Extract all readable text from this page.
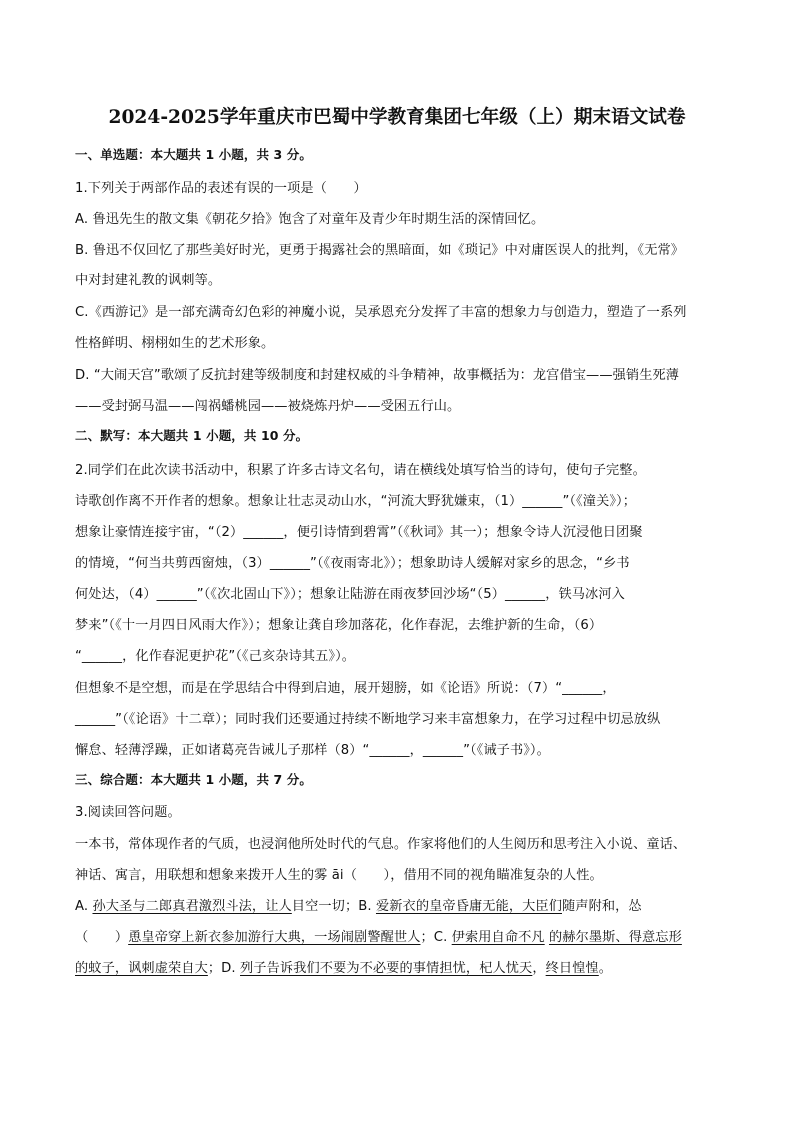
2024-2025学年重庆市巴蜀中学教育集团七年级（上）期末语文试卷
一、单选题：本大题共 1 小题，共 3 分。
1.下列关于两部作品的表述有误的一项是（　　）
A. 鲁迅先生的散文集《朝花夕拾》饱含了对童年及青少年时期生活的深情回忆。
B. 鲁迅不仅回忆了那些美好时光，更勇于揭露社会的黑暗面，如《琐记》中对庸医误人的批判，《无常》
中对封建礼教的讽刺等。
C.《西游记》是一部充满奇幻色彩的神魔小说，吴承恩充分发挥了丰富的想象力与创造力，塑造了一系列
性格鲜明、栩栩如生的艺术形象。
D. “大闹天宫”歌颂了反抗封建等级制度和封建权威的斗争精神，故事概括为：龙宫借宝——强销生死薄
——受封弼马温——闯祸蟠桃园——被烧炼丹炉——受困五行山。
二、默写：本大题共 1 小题，共 10 分。
2.同学们在此次读书活动中，积累了许多古诗文名句，请在横线处填写恰当的诗句，使句子完整。
诗歌创作离不开作者的想象。想象让壮志灵动山水，“河流大野犹嫌束，（1）______”（《潼关》）；
想象让豪情连接宇宙，“（2）______，便引诗情到碧霄”（《秋词》其一）；想象令诗人沉浸他日团聚
的情境，“何当共剪西窗烛，（3）______”（《夜雨寄北》）；想象助诗人缓解对家乡的思念，“乡书
何处达，（4）______”（《次北固山下》）；想象让陆游在雨夜梦回沙场“（5）______，铁马冰河入
梦来”（《十一月四日风雨大作》）；想象让龚自珍加落花，化作春泥，去维护新的生命，（6）
“______，化作春泥更护花”（《己亥杂诗其五》）。
但想象不是空想，而是在学思结合中得到启迪，展开翅膀，如《论语》所说：（7）“______，
______”（《论语》十二章）；同时我们还要通过持续不断地学习来丰富想象力，在学习过程中切忌放纵
懈怠、轻薄浮躁，正如诸葛亮告诫儿子那样（8）“______，______”（《诫子书》）。
三、综合题：本大题共 1 小题，共 7 分。
3.阅读回答问题。
一本书，常体现作者的气质，也浸润他所处时代的气息。作家将他们的人生阅历和思考注入小说、童话、
神话、寓言，用联想和想象来拨开人生的雾 āi（　　），借用不同的视角瞄准复杂的人性。
A. 孙大圣与二郎真君激烈斗法，让人目空一切；B. 爱新衣的皇帝昏庸无能，大臣们随声附和，怂
（　　）恿皇帝穿上新衣参加游行大典，一场闹剧警醒世人；C. 伊索用自命不凡 的赫尔墨斯、得意忘形
的蚊子，讽刺虚荣自大；D. 列子告诉我们不要为不必要的事情担忧，杞人忧天，终日惶惶。
